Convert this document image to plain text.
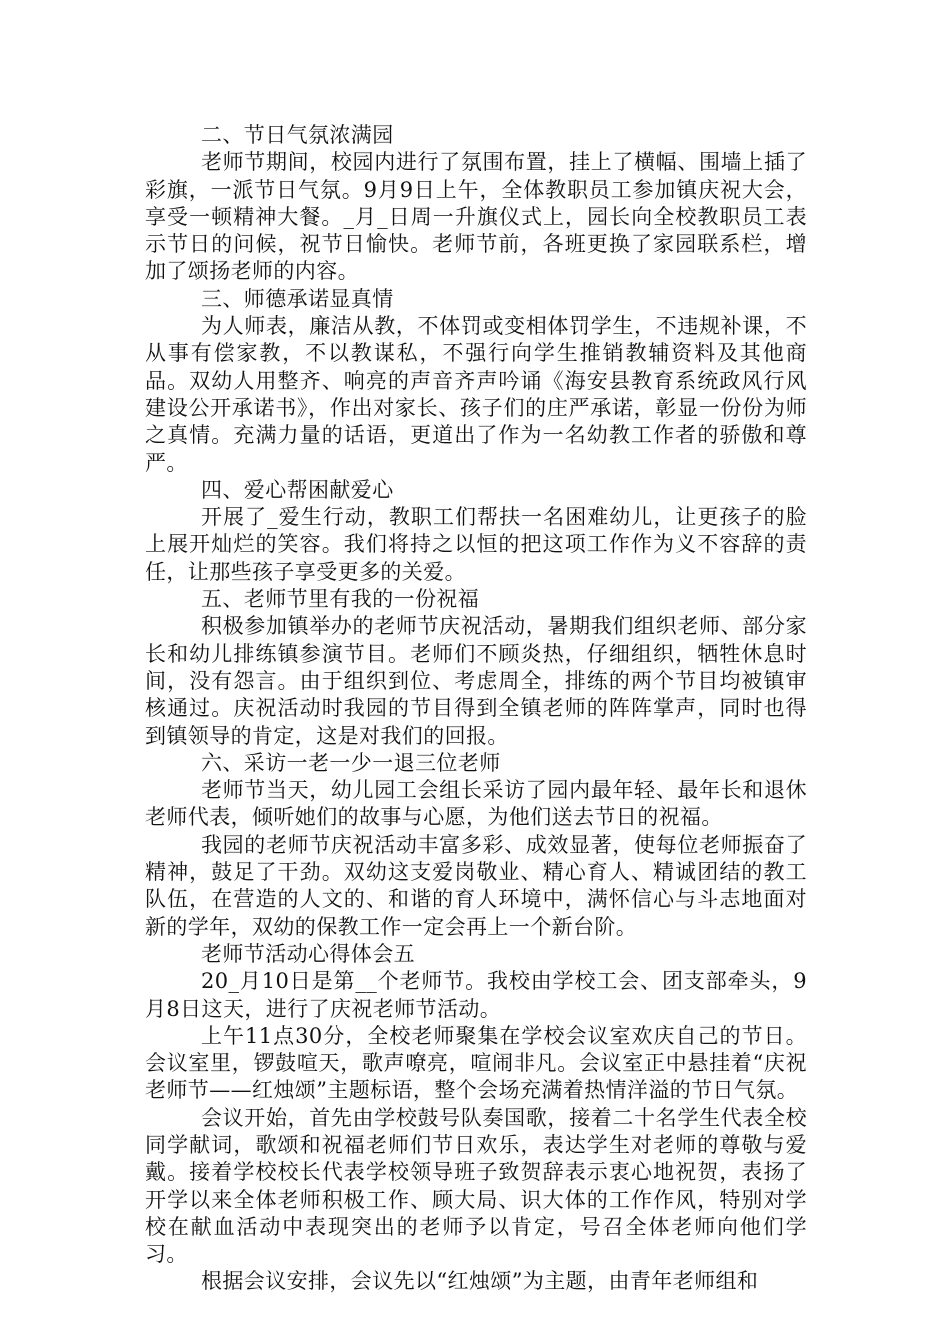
二、节日气氛浓满园

老师节期间，校园内进行了氛围布置，挂上了横幅、围墙上插了彩旗，一派节日气氛。9月9日上午，全体教职员工参加镇庆祝大会，享受一顿精神大餐。_月_日周一升旗仪式上，园长向全校教职员工表示节日的问候，祝节日愉快。老师节前，各班更换了家园联系栏，增加了颂扬老师的内容。

三、师德承诺显真情

为人师表，廉洁从教，不体罚或变相体罚学生，不违规补课，不从事有偿家教，不以教谋私，不强行向学生推销教辅资料及其他商品。双幼人用整齐、响亮的声音齐声吟诵《海安县教育系统政风行风建设公开承诺书》，作出对家长、孩子们的庄严承诺，彰显一份份为师之真情。充满力量的话语，更道出了作为一名幼教工作者的骄傲和尊严。

四、爱心帮困献爱心

开展了_爱生行动，教职工们帮扶一名困难幼儿，让更孩子的脸上展开灿烂的笑容。我们将持之以恒的把这项工作作为义不容辞的责任，让那些孩子享受更多的关爱。

五、老师节里有我的一份祝福

积极参加镇举办的老师节庆祝活动，暑期我们组织老师、部分家长和幼儿排练镇参演节目。老师们不顾炎热，仔细组织，牺牲休息时间，没有怨言。由于组织到位、考虑周全，排练的两个节目均被镇审核通过。庆祝活动时我园的节目得到全镇老师的阵阵掌声，同时也得到镇领导的肯定，这是对我们的回报。

六、采访一老一少一退三位老师

老师节当天，幼儿园工会组长采访了园内最年轻、最年长和退休老师代表，倾听她们的故事与心愿，为他们送去节日的祝福。

我园的老师节庆祝活动丰富多彩、成效显著，使每位老师振奋了精神，鼓足了干劲。双幼这支爱岗敬业、精心育人、精诚团结的教工队伍，在营造的人文的、和谐的育人环境中，满怀信心与斗志地面对新的学年，双幼的保教工作一定会再上一个新台阶。

老师节活动心得体会五

20_月10日是第__个老师节。我校由学校工会、团支部牵头，9月8日这天，进行了庆祝老师节活动。

上午11点30分，全校老师聚集在学校会议室欢庆自己的节日。会议室里，锣鼓喧天，歌声嘹亮，喧闹非凡。会议室正中悬挂着“庆祝老师节——红烛颂”主题标语，整个会场充满着热情洋溢的节日气氛。

会议开始，首先由学校鼓号队奏国歌，接着二十名学生代表全校同学献词，歌颂和祝福老师们节日欢乐，表达学生对老师的尊敬与爱戴。接着学校校长代表学校领导班子致贺辞表示衷心地祝贺，表扬了开学以来全体老师积极工作、顾大局、识大体的工作作风，特别对学校在献血活动中表现突出的老师予以肯定，号召全体老师向他们学习。

根据会议安排，会议先以“红烛颂”为主题，由青年老师组和
